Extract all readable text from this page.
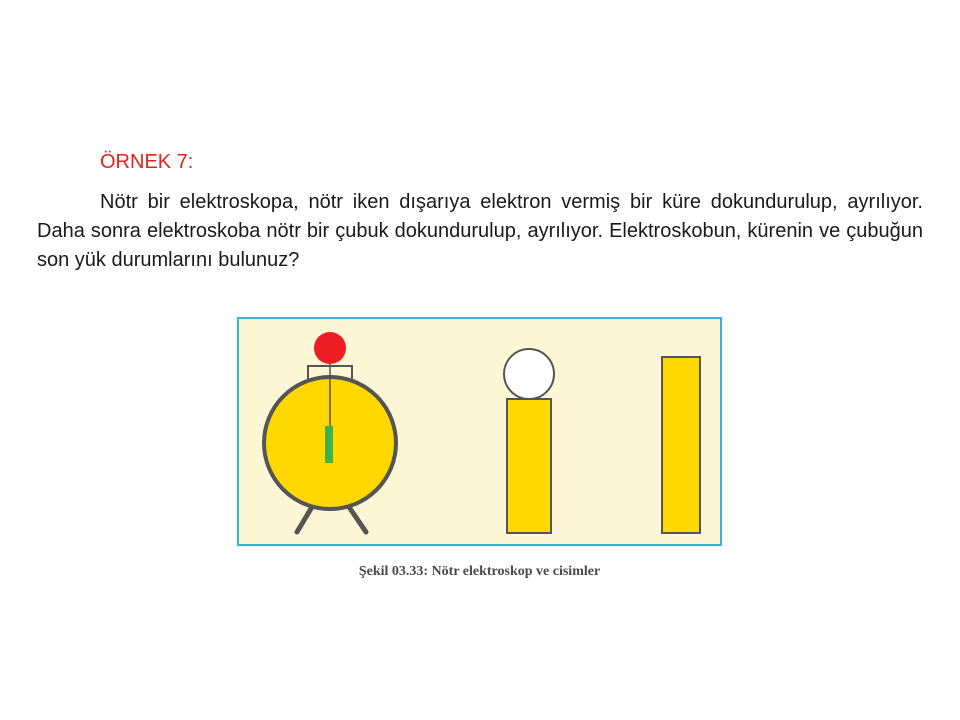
ÖRNEK 7:

Nötr bir elektroskopa, nötr iken dışarıya elektron vermiş bir küre dokundurulup, ayrılıyor. Daha sonra elektroskoba nötr bir çubuk dokundurulup, ayrılıyor. Elektroskobun, kürenin ve çubuğun son yük durumlarını bulunuz?

Şekil 03.33: Nötr elektroskop ve cisimler
